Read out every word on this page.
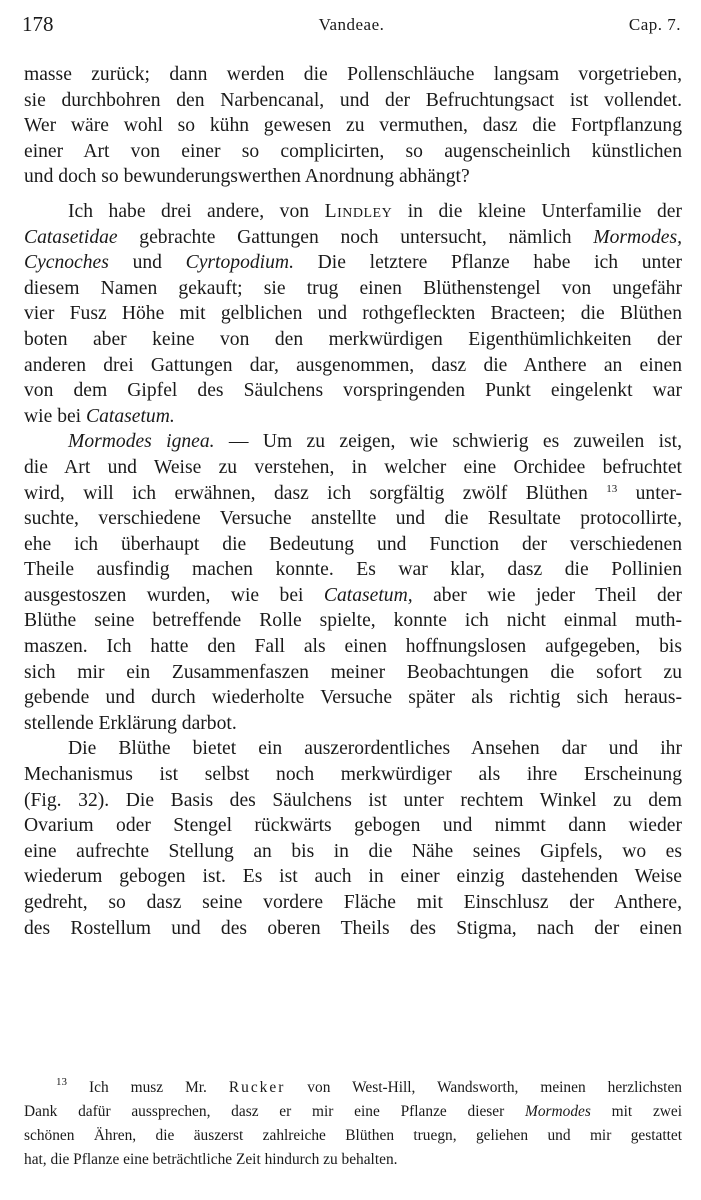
178	Vandeae.	Cap. 7.
masse zurück; dann werden die Pollenschläuche langsam vorgetrieben,
sie durchbohren den Narbencanal, und der Befruchtungsact ist vollendet.
Wer wäre wohl so kühn gewesen zu vermuthen, dasz die Fortpflanzung
einer Art von einer so complicirten, so augenscheinlich künstlichen
und doch so bewunderungswerthen Anordnung abhängt?
Ich habe drei andere, von Lindley in die kleine Unterfamilie der
Catasetidae gebrachte Gattungen noch untersucht, nämlich Mormodes,
Cycnoches und Cyrtopodium. Die letztere Pflanze habe ich unter
diesem Namen gekauft; sie trug einen Blüthenstengel von ungefähr
vier Fusz Höhe mit gelblichen und rothgefleckten Bracteen; die Blüthen
boten aber keine von den merkwürdigen Eigenthümlichkeiten der
anderen drei Gattungen dar, ausgenommen, dasz die Anthere an einen
von dem Gipfel des Säulchens vorspringenden Punkt eingelenkt war
wie bei Catasetum.
Mormodes ignea. — Um zu zeigen, wie schwierig es zuweilen ist,
die Art und Weise zu verstehen, in welcher eine Orchidee befruchtet
wird, will ich erwähnen, dasz ich sorgfältig zwölf Blüthen $^{13}$ unter-
suchte, verschiedene Versuche anstellte und die Resultate protocollirte,
ehe ich überhaupt die Bedeutung und Function der verschiedenen
Theile ausfindig machen konnte. Es war klar, dasz die Pollinien
ausgestoszen wurden, wie bei Catasetum, aber wie jeder Theil der
Blüthe seine betreffende Rolle spielte, konnte ich nicht einmal muth-
maszen. Ich hatte den Fall als einen hoffnungslosen aufgegeben, bis
sich mir ein Zusammenfaszen meiner Beobachtungen die sofort zu
gebende und durch wiederholte Versuche später als richtig sich heraus-
stellende Erklärung darbot.
Die Blüthe bietet ein auszerordentliches Ansehen dar und ihr
Mechanismus ist selbst noch merkwürdiger als ihre Erscheinung
(Fig. 32). Die Basis des Säulchens ist unter rechtem Winkel zu dem
Ovarium oder Stengel rückwärts gebogen und nimmt dann wieder
eine aufrechte Stellung an bis in die Nähe seines Gipfels, wo es
wiederum gebogen ist. Es ist auch in einer einzig dastehenden Weise
gedreht, so dasz seine vordere Fläche mit Einschlusz der Anthere,
des Rostellum und des oberen Theils des Stigma, nach der einen
$^{13}$ Ich musz Mr. Rucker von West-Hill, Wandsworth, meinen herzlichsten
Dank dafür aussprechen, dasz er mir eine Pflanze dieser Mormodes mit zwei
schönen Ähren, die äuszerst zahlreiche Blüthen truegn, geliehen und mir gestattet
hat, die Pflanze eine beträchtliche Zeit hindurch zu behalten.
